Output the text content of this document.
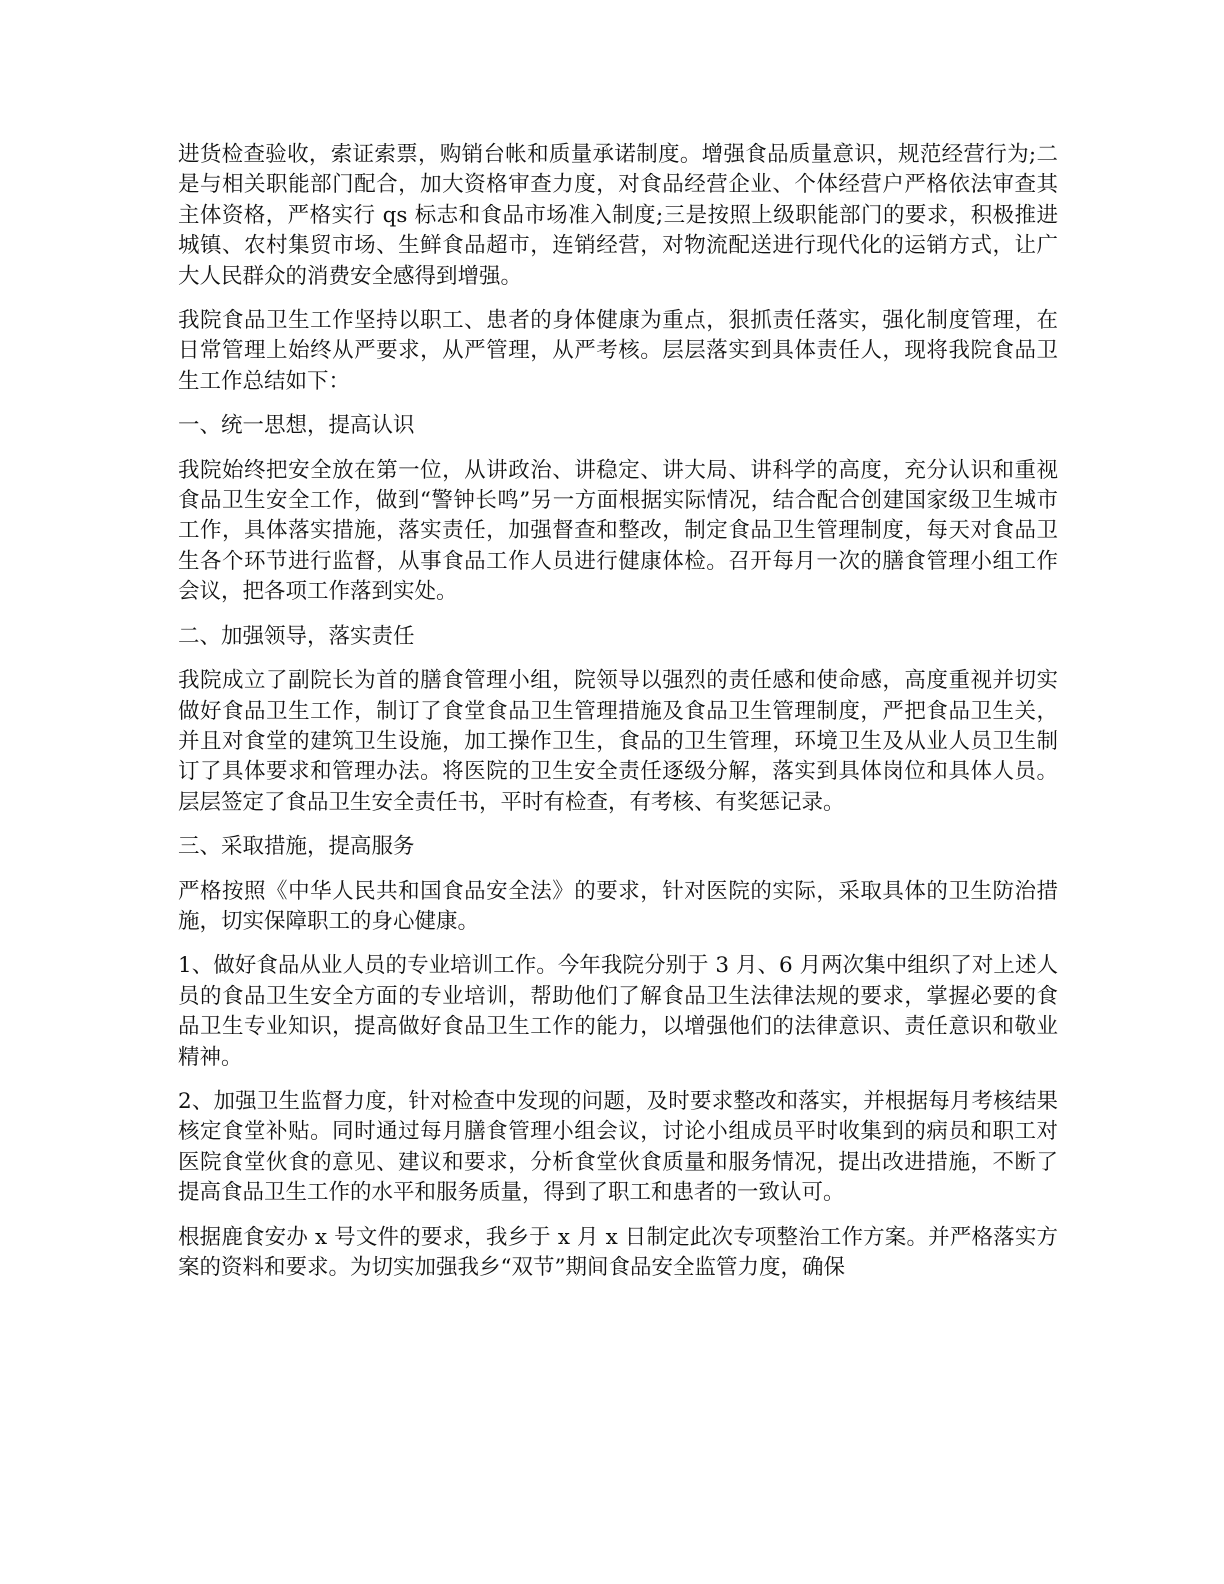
进货检查验收，索证索票，购销台帐和质量承诺制度。增强食品质量意识，规范经营行为;二是与相关职能部门配合，加大资格审查力度，对食品经营企业、个体经营户严格依法审查其主体资格，严格实行 qs 标志和食品市场准入制度;三是按照上级职能部门的要求，积极推进城镇、农村集贸市场、生鲜食品超市，连销经营，对物流配送进行现代化的运销方式，让广大人民群众的消费安全感得到增强。

我院食品卫生工作坚持以职工、患者的身体健康为重点，狠抓责任落实，强化制度管理，在日常管理上始终从严要求，从严管理，从严考核。层层落实到具体责任人，现将我院食品卫生工作总结如下：

一、统一思想，提高认识

我院始终把安全放在第一位，从讲政治、讲稳定、讲大局、讲科学的高度，充分认识和重视食品卫生安全工作，做到“警钟长鸣”另一方面根据实际情况，结合配合创建国家级卫生城市工作，具体落实措施，落实责任，加强督查和整改，制定食品卫生管理制度，每天对食品卫生各个环节进行监督，从事食品工作人员进行健康体检。召开每月一次的膳食管理小组工作会议，把各项工作落到实处。

二、加强领导，落实责任

我院成立了副院长为首的膳食管理小组，院领导以强烈的责任感和使命感，高度重视并切实做好食品卫生工作，制订了食堂食品卫生管理措施及食品卫生管理制度，严把食品卫生关，并且对食堂的建筑卫生设施，加工操作卫生，食品的卫生管理，环境卫生及从业人员卫生制订了具体要求和管理办法。将医院的卫生安全责任逐级分解，落实到具体岗位和具体人员。层层签定了食品卫生安全责任书，平时有检查，有考核、有奖惩记录。

三、采取措施，提高服务

严格按照《中华人民共和国食品安全法》的要求，针对医院的实际，采取具体的卫生防治措施，切实保障职工的身心健康。

1、做好食品从业人员的专业培训工作。今年我院分别于 3 月、6 月两次集中组织了对上述人员的食品卫生安全方面的专业培训，帮助他们了解食品卫生法律法规的要求，掌握必要的食品卫生专业知识，提高做好食品卫生工作的能力，以增强他们的法律意识、责任意识和敬业精神。

2、加强卫生监督力度，针对检查中发现的问题，及时要求整改和落实，并根据每月考核结果核定食堂补贴。同时通过每月膳食管理小组会议，讨论小组成员平时收集到的病员和职工对医院食堂伙食的意见、建议和要求，分析食堂伙食质量和服务情况，提出改进措施，不断了提高食品卫生工作的水平和服务质量，得到了职工和患者的一致认可。

根据鹿食安办 x 号文件的要求，我乡于 x 月 x 日制定此次专项整治工作方案。并严格落实方案的资料和要求。为切实加强我乡“双节”期间食品安全监管力度，确保
